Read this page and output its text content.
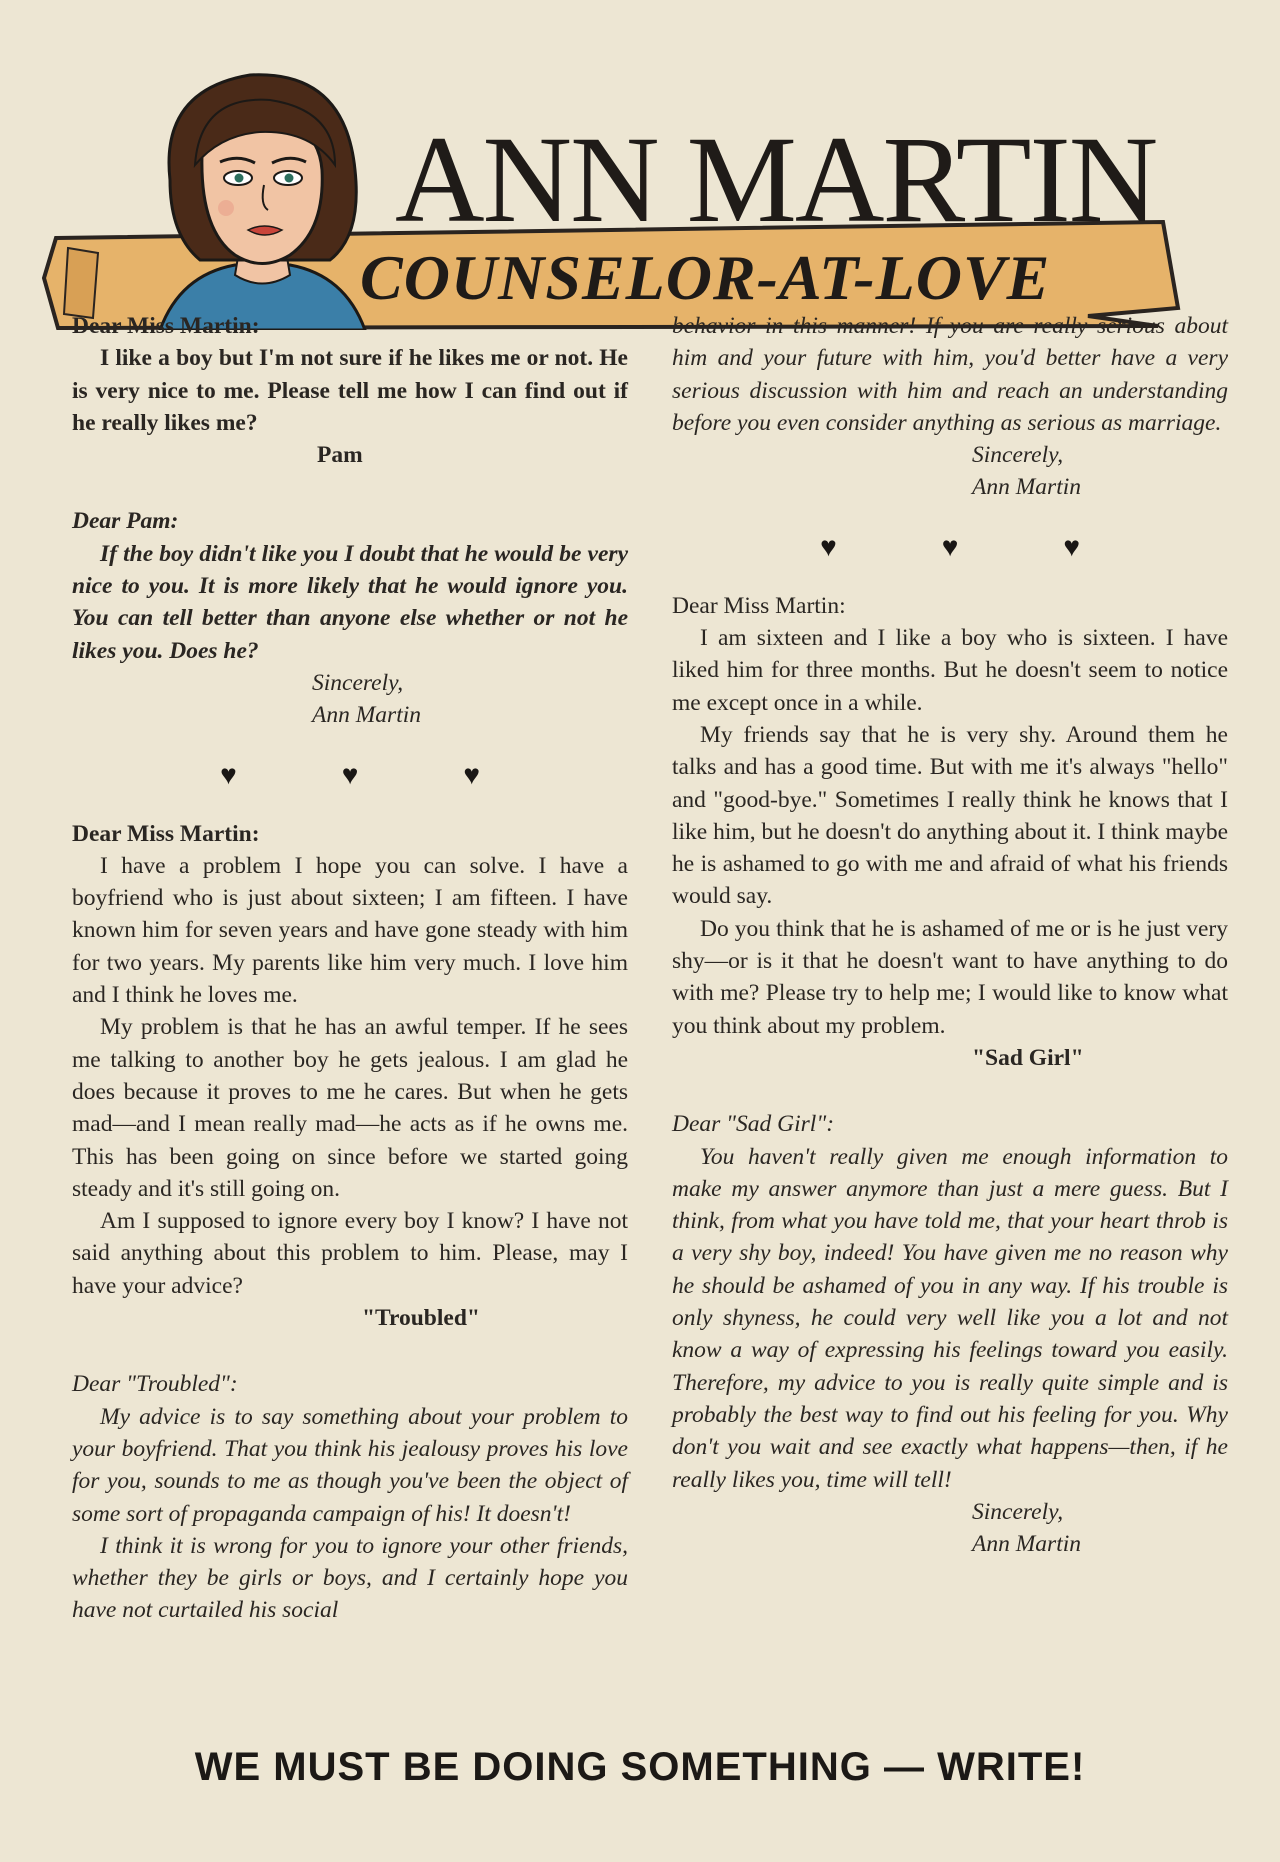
COUNSELOR-AT-LOVE
ANN MARTIN

Dear Miss Martin:

I like a boy but I'm not sure if he likes me or not. He is very nice to me. Please tell me how I can find out if he really likes me?

Pam

Dear Pam:

If the boy didn't like you I doubt that he would be very nice to you. It is more likely that he would ignore you. You can tell better than anyone else whether or not he likes you. Does he?

Sincerely,

Ann Martin

♥	♥	♥

Dear Miss Martin:

I have a problem I hope you can solve. I have a boyfriend who is just about sixteen; I am fifteen. I have known him for seven years and have gone steady with him for two years. My parents like him very much. I love him and I think he loves me.

My problem is that he has an awful temper. If he sees me talking to another boy he gets jealous. I am glad he does because it proves to me he cares. But when he gets mad—and I mean really mad—he acts as if he owns me. This has been going on since before we started going steady and it's still going on.

Am I supposed to ignore every boy I know? I have not said anything about this problem to him. Please, may I have your advice?

"Troubled"

Dear "Troubled":

My advice is to say something about your problem to your boyfriend. That you think his jealousy proves his love for you, sounds to me as though you've been the object of some sort of propaganda campaign of his! It doesn't!

I think it is wrong for you to ignore your other friends, whether they be girls or boys, and I certainly hope you have not curtailed his social

behavior in this manner! If you are really serious about him and your future with him, you'd better have a very serious discussion with him and reach an understanding before you even consider anything as serious as marriage.

Sincerely,

Ann Martin

♥	♥	♥

Dear Miss Martin:

I am sixteen and I like a boy who is sixteen. I have liked him for three months. But he doesn't seem to notice me except once in a while.

My friends say that he is very shy. Around them he talks and has a good time. But with me it's always "hello" and "good-bye." Sometimes I really think he knows that I like him, but he doesn't do anything about it. I think maybe he is ashamed to go with me and afraid of what his friends would say.

Do you think that he is ashamed of me or is he just very shy—or is it that he doesn't want to have anything to do with me? Please try to help me; I would like to know what you think about my problem.

"Sad Girl"

Dear "Sad Girl":

You haven't really given me enough information to make my answer anymore than just a mere guess. But I think, from what you have told me, that your heart throb is a very shy boy, indeed! You have given me no reason why he should be ashamed of you in any way. If his trouble is only shyness, he could very well like you a lot and not know a way of expressing his feelings toward you easily. Therefore, my advice to you is really quite simple and is probably the best way to find out his feeling for you. Why don't you wait and see exactly what happens—then, if he really likes you, time will tell!

Sincerely,

Ann Martin

WE MUST BE DOING SOMETHING — WRITE!
